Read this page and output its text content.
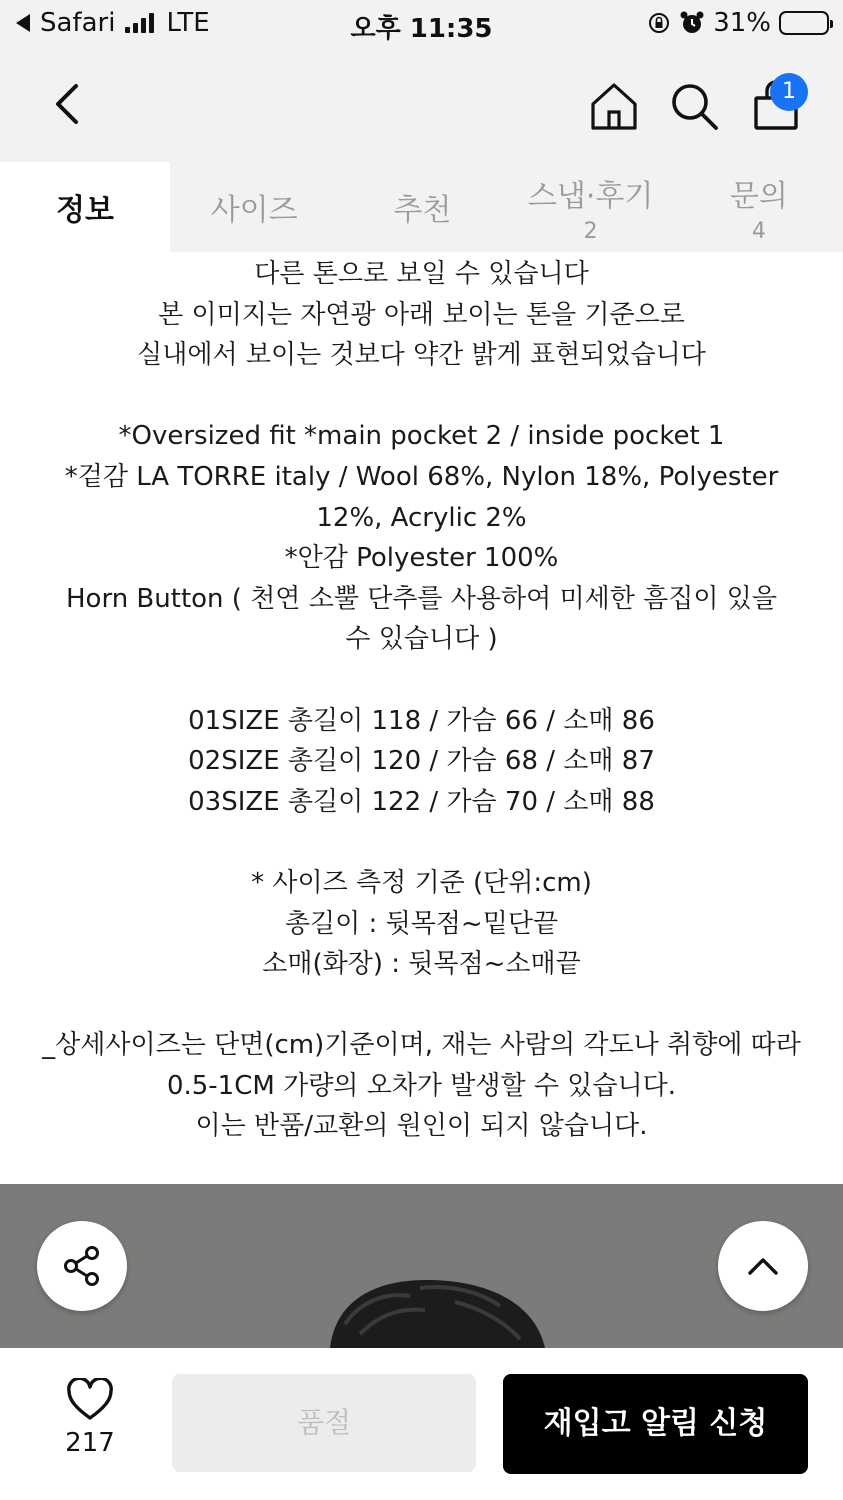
Safari LTE	오후 11:35	31%
1
정보	사이즈	추천	스냅·후기
2
문의
4

다른 톤으로 보일 수 있습니다
본 이미지는 자연광 아래 보이는 톤을 기준으로
실내에서 보이는 것보다 약간 밝게 표현되었습니다

*Oversized fit *main pocket 2 / inside pocket 1
*겉감 LA TORRE italy / Wool 68%, Nylon 18%, Polyester 12%, Acrylic 2%
*안감 Polyester 100%
Horn Button ( 천연 소뿔 단추를 사용하여 미세한 흠집이 있을 수 있습니다 )

01SIZE 총길이 118 / 가슴 66 / 소매 86
02SIZE 총길이 120 / 가슴 68 / 소매 87
03SIZE 총길이 122 / 가슴 70 / 소매 88

* 사이즈 측정 기준 (단위:cm)
총길이 : 뒷목점~밑단끝
소매(화장) : 뒷목점~소매끝

_상세사이즈는 단면(cm)기준이며, 재는 사람의 각도나 취향에 따라
0.5-1CM 가량의 오차가 발생할 수 있습니다.
이는 반품/교환의 원인이 되지 않습니다.

217
품절	재입고 알림 신청
